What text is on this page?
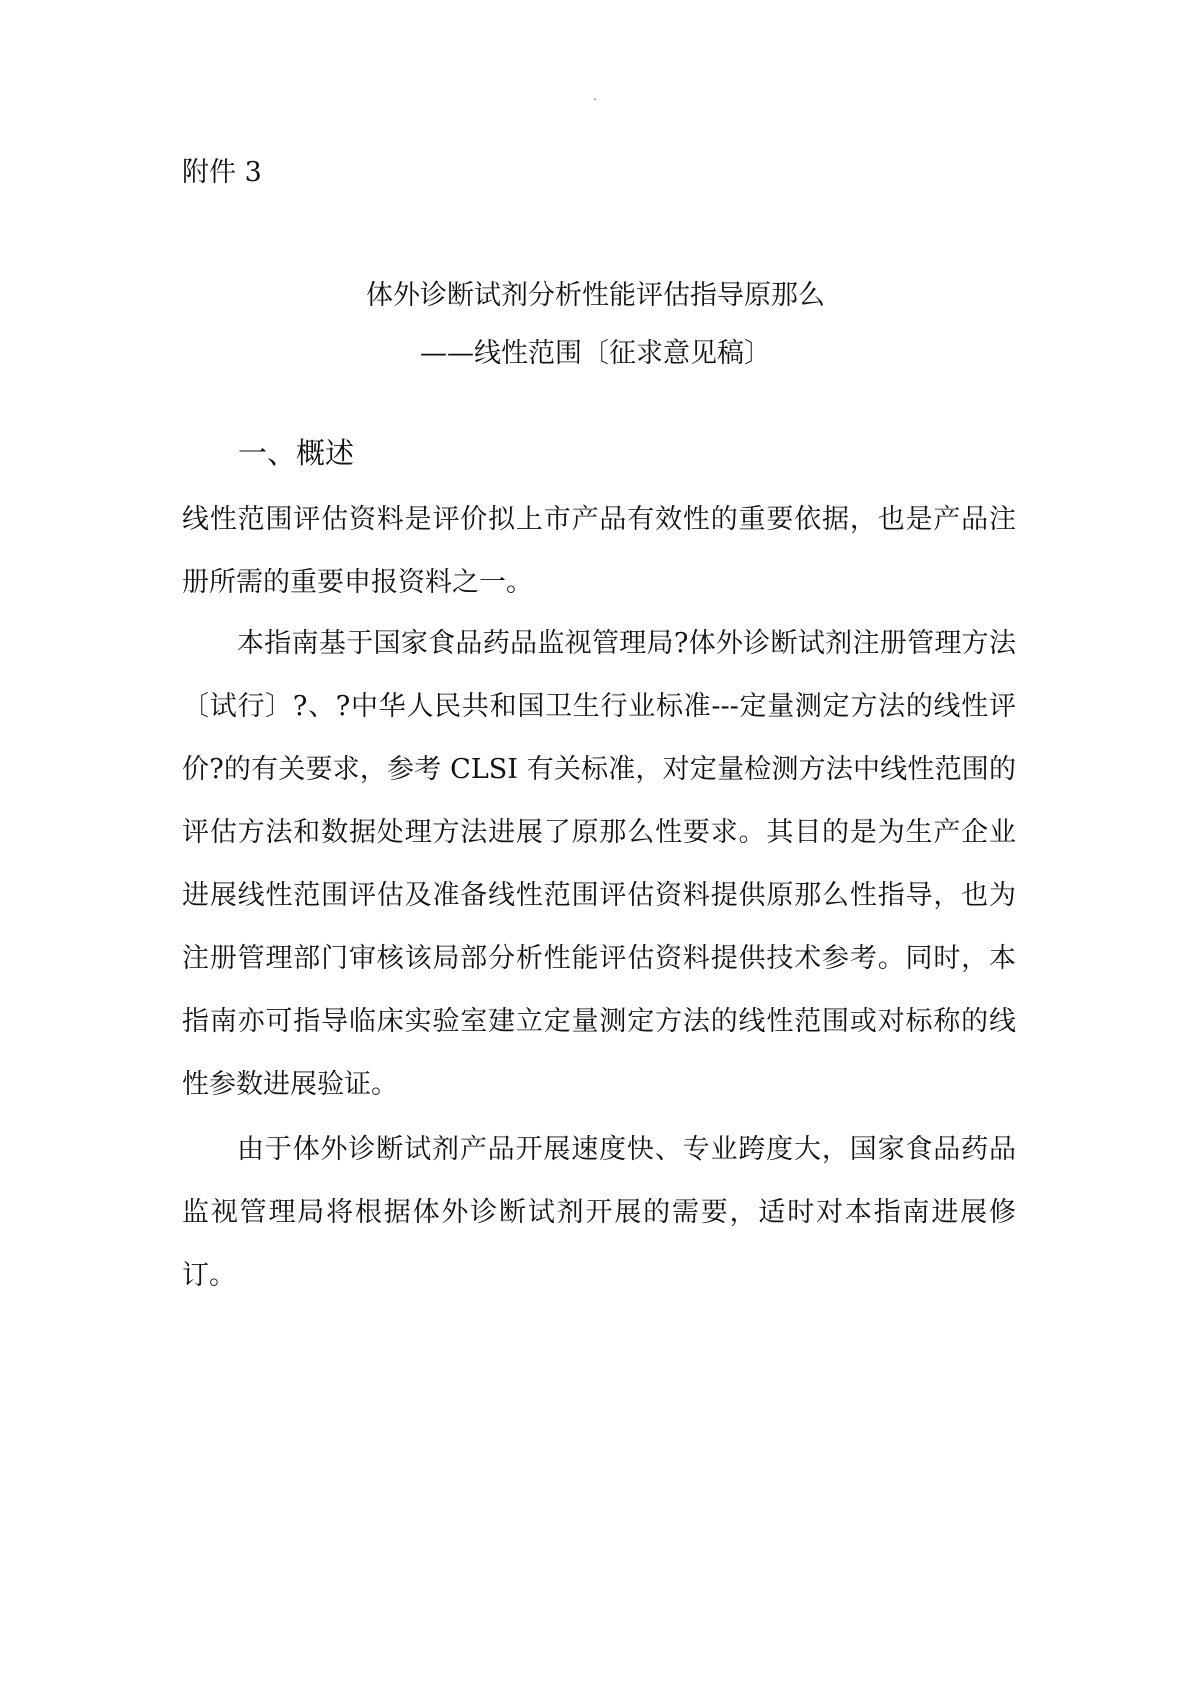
·
附件 3
体外诊断试剂分析性能评估指导原那么
——线性范围〔征求意见稿〕
一、概述

线性范围评估资料是评价拟上市产品有效性的重要依据，也是产品注册所需的重要申报资料之一。

本指南基于国家食品药品监视管理局?体外诊断试剂注册管理方法〔试行〕?、?中华人民共和国卫生行业标准---定量测定方法的线性评价?的有关要求，参考 CLSI 有关标准，对定量检测方法中线性范围的评估方法和数据处理方法进展了原那么性要求。其目的是为生产企业进展线性范围评估及准备线性范围评估资料提供原那么性指导，也为注册管理部门审核该局部分析性能评估资料提供技术参考。同时，本指南亦可指导临床实验室建立定量测定方法的线性范围或对标称的线性参数进展验证。

由于体外诊断试剂产品开展速度快、专业跨度大，国家食品药品监视管理局将根据体外诊断试剂开展的需要，适时对本指南进展修订。
